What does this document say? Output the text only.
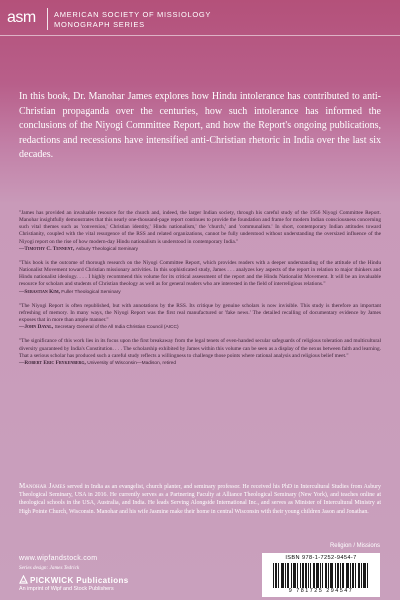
asm AMERICAN SOCIETY OF MISSIOLOGY
MONOGRAPH SERIES

In this book, Dr. Manohar James explores how Hindu intolerance has contributed to anti-Christian propaganda over the centuries, how such intolerance has informed the conclusions of the Niyogi Committee Report, and how the Report's ongoing publications, redactions and recessions have intensified anti-Christian rhetoric in India over the last six decades.

"James has provided an invaluable resource for the church and, indeed, the larger Indian society, through his careful study of the 1956 Niyogi Committee Report. Manohar insightfully demonstrates that this nearly one-thousand-page report continues to provide the foundation and frame for modern Indian consciousness concerning such vital themes such as 'conversion,' Christian identity,' Hindu nationalism,' the 'church,' and 'communalism.' In short, contemporary Indian attitudes toward Christianity, coupled with the vital resurgence of the RSS and related organizations, cannot be fully understood without understanding the oversized influence of the Niyogi report on the rise of how modern-day Hindu nationalism is understood in contemporary India."
—Timothy C. Tennent, Asbury Theological Seminary
"This book is the outcome of thorough research on the Niyogi Committee Report, which provides readers with a deeper understanding of the attitude of the Hindu Nationalist Movement toward Christian missionary activities. In this sophisticated study, James . . . analyzes key aspects of the report in relation to major thinkers and Hindu nationalist ideology. . . . I highly recommend this volume for its critical assessment of the report and the Hindu Nationalist Movement. It will be an invaluable resource for scholars and students of Christian theology as well as for general readers who are interested in the field of interreligious relations."
—Sebastian Kim, Fuller Theological Seminary
"The Niyogi Report is often republished, but with annotations by the RSS. Its critique by genuine scholars is now invisible. This study is therefore an important refreshing of memory. In many ways, the Niyogi Report was the first real manufactured or 'fake news.' The detailed recalling of documentary evidence by James exposes that in more than ample manner."
—John Dayal, Secretary General of the All India Christian Council (AICC)
"The significance of this work lies in its focus upon the first breakaway from the legal tenets of even-handed secular safeguards of religious toleration and multicultural diversity guaranteed by India's Constitution. . . . The scholarship exhibited by James within this volume can be seen as a display of the nexus between faith and learning. That a serious scholar has produced such a careful study reflects a willingness to challenge those points where rational analysis and religious belief meet."
—Robert Eric Frykenberg, University of Wisconsin—Madison, retired

Manohar James served in India as an evangelist, church planter, and seminary professor. He received his PhD in Intercultural Studies from Asbury Theological Seminary, USA in 2016. He currently serves as a Partnering Faculty at Alliance Theological Seminary (New York), and teaches online at theological schools in the USA, Australia, and India. He leads Serving Alongside International Inc., and serves as Minister of Intercultural Ministry at High Pointe Church, Wisconsin. Manohar and his wife Jasmine make their home in central Wisconsin with their young children Jason and Jonathan.

Religion / Missions
www.wipfandstock.com
Series design: James Tedrick
PICKWICK Publications
An imprint of Wipf and Stock Publishers
ISBN 978-1-7252-9454-7
9 781725 294547
